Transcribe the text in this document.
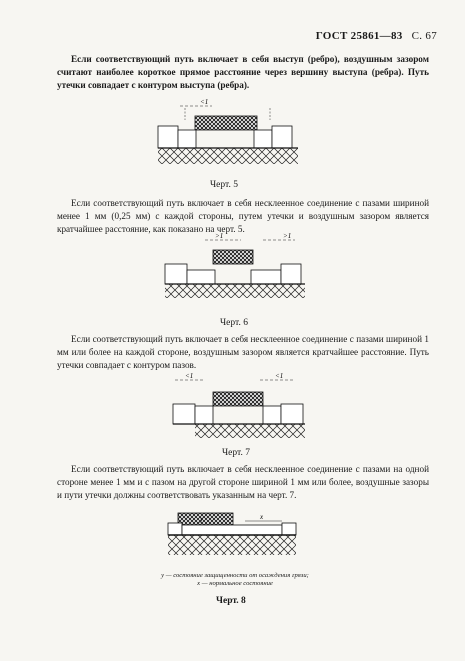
ГОСТ 25861—83 С. 67
Если соответствующий путь включает в себя выступ (ребро), воздушным зазором считают наиболее короткое прямое расстояние через вершину выступа (ребра). Путь утечки совпадает с контуром выступа (ребра).
<1
Черт. 5
Если соответствующий путь включает в себя несклеенное соединение с пазами шириной менее 1 мм (0,25 мм) с каждой стороны, путем утечки и воздушным зазором является кратчайшее расстояние, как показано на черт. 5.
>1	>1
Черт. 6
Если соответствующий путь включает в себя несклеенное соединение с пазами шириной 1 мм или более на каждой стороне, воздушным зазором является кратчайшее расстояние. Путь утечки совпадает с контуром пазов.
<1	<1
Черт. 7
Если соответствующий путь включает в себя несклеенное соединение с пазами на одной стороне менее 1 мм и с пазом на другой стороне шириной 1 мм или более, воздушные зазоры и пути утечки должны соответствовать указанным на черт. 7.
y	x
y — состояние защищенности от осаждения грязи; x — нормальное состояние
Черт. 8
